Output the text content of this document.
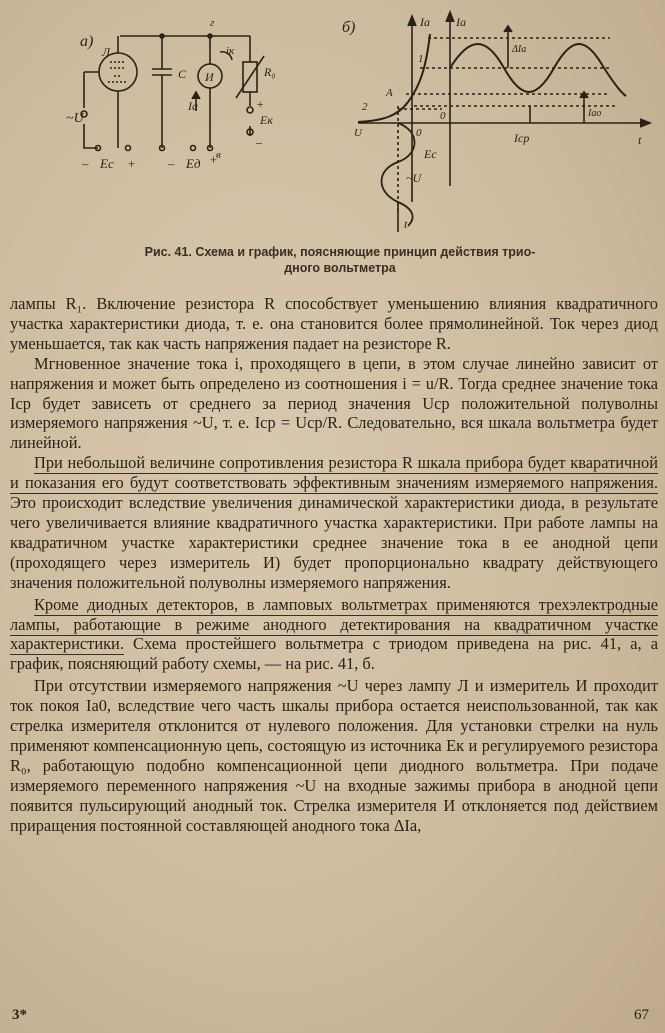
а)
Л
С И
iк
R₀
Iа
~U	Eк
г
в
– Eс + – Eд +
+
–
б)	Ia Ia
ΔIa
Iao
Iср
Ec
~U
t
t
1
2
A
0
0
U
Рис. 41. Схема и график, поясняющие принцип действия трио-
дного вольтметра

лампы R₁. Включение резистора R способствует уменьшению влияния квадратичного участка характеристики диода, т. е. она становится более прямолинейной. Ток через диод уменьшается, так как часть напряжения падает на резисторе R.

Мгновенное значение тока i, проходящего в цепи, в этом случае линейно зависит от напряжения и может быть определено из соотношения i = u/R. Тогда среднее значение тока Iср будет зависеть от среднего за период значения Uср положительной полуволны измеряемого напряжения ~U, т. е. Iср = Uср/R. Следовательно, вся шкала вольтметра будет линейной.

При небольшой величине сопротивления резистора R шкала прибора будет кваратичной и показания его будут соответствовать эффективным значениям измеряемого напряжения. Это происходит вследствие увеличения динамической характеристики диода, в результате чего увеличивается влияние квадратичного участка характеристики. При работе лампы на квадратичном участке характеристики среднее значение тока в ее анодной цепи (проходящего через измеритель И) будет пропорционально квадрату действующего значения положительной полуволны измеряемого напряжения.

Кроме диодных детекторов, в ламповых вольтметрах применяются трехэлектродные лампы, работающие в режиме анодного детектирования на квадратичном участке характеристики. Схема простейшего вольтметра с триодом приведена на рис. 41, а, а график, поясняющий работу схемы, — на рис. 41, б.

При отсутствии измеряемого напряжения ~U через лампу Л и измеритель И проходит ток покоя Iа0, вследствие чего часть шкалы прибора остается неиспользованной, так как стрелка измерителя отклонится от нулевого положения. Для установки стрелки на нуль применяют компенсационную цепь, состоящую из источника Eк и регулируемого резистора R₀, работающую подобно компенсационной цепи диодного вольтметра. При подаче измеряемого переменного напряжения ~U на входные зажимы прибора в анодной цепи появится пульсирующий анодный ток. Стрелка измерителя И отклоняется под действием приращения постоянной составляющей анодного тока ΔIа,

3*	67
